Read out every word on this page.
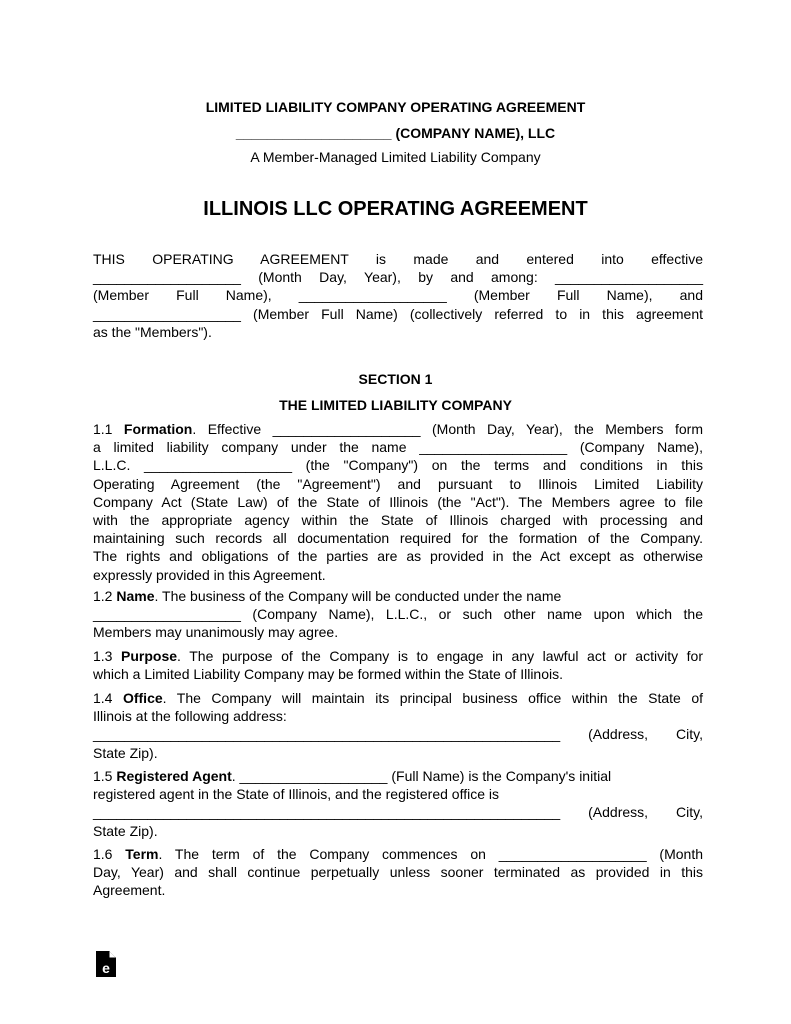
LIMITED LIABILITY COMPANY OPERATING AGREEMENT
____________________ (COMPANY NAME), LLC
A Member-Managed Limited Liability Company
ILLINOIS LLC OPERATING AGREEMENT
THIS OPERATING AGREEMENT is made and entered into effective
___________________ (Month Day, Year), by and among: ___________________
(Member Full Name), ___________________ (Member Full Name), and
___________________ (Member Full Name) (collectively referred to in this agreement
as the "Members").
SECTION 1
THE LIMITED LIABILITY COMPANY
1.1 Formation. Effective ___________________ (Month Day, Year), the Members form
a limited liability company under the name ___________________ (Company Name),
L.L.C. ___________________ (the "Company") on the terms and conditions in this
Operating Agreement (the "Agreement") and pursuant to Illinois Limited Liability
Company Act (State Law) of the State of Illinois (the "Act"). The Members agree to file
with the appropriate agency within the State of Illinois charged with processing and
maintaining such records all documentation required for the formation of the Company.
The rights and obligations of the parties are as provided in the Act except as otherwise
expressly provided in this Agreement.
1.2 Name. The business of the Company will be conducted under the name
___________________ (Company Name), L.L.C., or such other name upon which the
Members may unanimously may agree.
1.3 Purpose. The purpose of the Company is to engage in any lawful act or activity for
which a Limited Liability Company may be formed within the State of Illinois.
1.4 Office. The Company will maintain its principal business office within the State of
Illinois at the following address:
____________________________________________________________ (Address, City,
State Zip).
1.5 Registered Agent. ___________________ (Full Name) is the Company's initial
registered agent in the State of Illinois, and the registered office is
____________________________________________________________ (Address, City,
State Zip).
1.6 Term. The term of the Company commences on ___________________ (Month
Day, Year) and shall continue perpetually unless sooner terminated as provided in this
Agreement.
e
